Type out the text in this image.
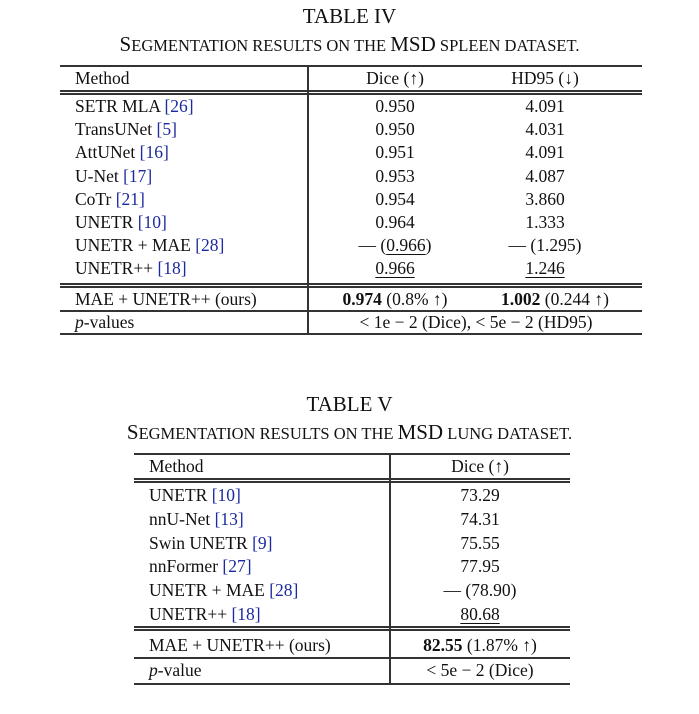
TABLE IV
SEGMENTATION RESULTS ON THE MSD SPLEEN DATASET.
Method	Dice (↑)	HD95 (↓)
SETR MLA [26]	0.950	4.091
TransUNet [5]	0.950	4.031
AttUNet [16]	0.951	4.091
U-Net [17]	0.953	4.087
CoTr [21]	0.954	3.860
UNETR [10]	0.964	1.333
UNETR + MAE [28]	— (0.966)	— (1.295)
UNETR++ [18]	0.966	1.246
MAE + UNETR++ (ours)	0.974 (0.8% ↑)	1.002 (0.244 ↑)
p-values	< 1e − 2 (Dice), < 5e − 2 (HD95)
TABLE V
SEGMENTATION RESULTS ON THE MSD LUNG DATASET.
Method	Dice (↑)
UNETR [10]	73.29
nnU-Net [13]	74.31
Swin UNETR [9]	75.55
nnFormer [27]	77.95
UNETR + MAE [28]	— (78.90)
UNETR++ [18]	80.68
MAE + UNETR++ (ours)	82.55 (1.87% ↑)
p-value	< 5e − 2 (Dice)
